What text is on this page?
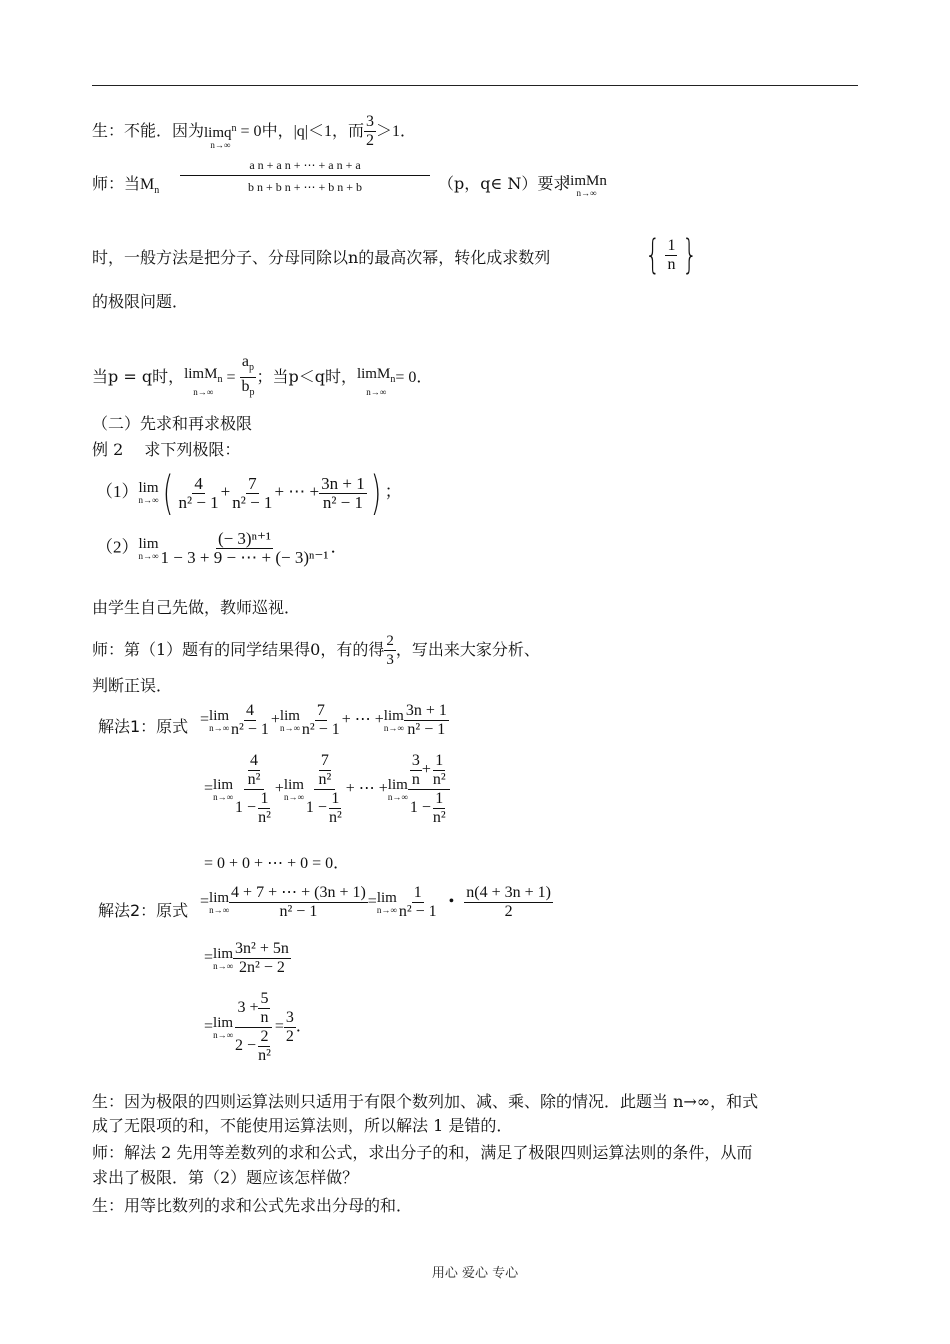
生：不能．因为 limq$^n$
n→∞
= 0中，|q|＜1，而 $\frac{3}{2} >1$．
师：当$M_n \frac{\text{a n + a n + ⋯ + a n + a}}{\text{b n + b n + ⋯ + b n + b}} (p$，q∈ N）要求
limMn
n→∞
时，一般方法是把分子、分母同除以n的最高次幂，转化成求数列 { $\frac{1}{n}$ }
的极限问题．
当p = q时， limM$_n$
n→∞
= $\frac{a_p}{b_p}$ ；当p＜q时， limM$_n$
n→∞
= 0．
（二）先求和再求极限
例 2　 求下列极限：
（1） lim
n→∞ ( $\frac{4}{\text{n² − 1}} + \frac{7}{\text{n² − 1}}$ + ⋯ + $\frac{3n + 1}{\text{n² − 1}}$ ) ；
（2） lim
$n\to\infty \frac{\text{(− 3)ⁿ⁺¹}}{\text{1 − 3 + 9 − ⋯ + (− 3)ⁿ⁻¹}}$ ．
由学生自己先做，教师巡视．
师：第（1）题有的同学结果得0，有的得 $\frac{2}{3}$ ，写出来大家分析、
判断正误．
解法1：原式 = lim
$n\to\infty \frac{4}{\text{n² − 1}} + \lim$
$n\to\infty \frac{7}{\text{n² − 1}}$ + ⋯ + lim
$n\to\infty \frac{3n + 1}{\text{n² − 1}}$
= lim
$n\to\infty \frac{\frac{4}{\text{n²}}}{1 - \frac{1}{\text{n²}}} + \lim$
$n\to\infty \frac{\frac{7}{\text{n²}}}{1 - \frac{1}{\text{n²}}}$ + ⋯ + lim
$n\to\infty \frac{\frac{3}{n} + \frac{1}{\text{n²}}}{1 - \frac{1}{\text{n²}}}$
= 0 + 0 + ⋯ + 0 = 0．
解法2：原式 = lim
$n\to\infty \frac{4 + 7 + \cdots + (3n + 1)}{\text{n² − 1}} = \lim$
$n\to\infty \frac{1}{\text{n² − 1}}$ • $\frac{n(4 + 3n + 1)}{2}$
= lim
$n\to\infty \frac{\text{3n² + 5n}}{\text{2n² − 2}}$
= lim
$n\to\infty \frac{3 + \frac{5}{n}}{2 - \frac{2}{\text{n²}}} = \frac{3}{2}$ ．
生：因为极限的四则运算法则只适用于有限个数列加、减、乘、除的情况．此题当 n→∞，和式
成了无限项的和，不能使用运算法则，所以解法 1 是错的．
师：解法 2 先用等差数列的求和公式，求出分子的和，满足了极限四则运算法则的条件，从而
求出了极限．第（2）题应该怎样做？
生：用等比数列的求和公式先求出分母的和．
用心 爱心 专心
